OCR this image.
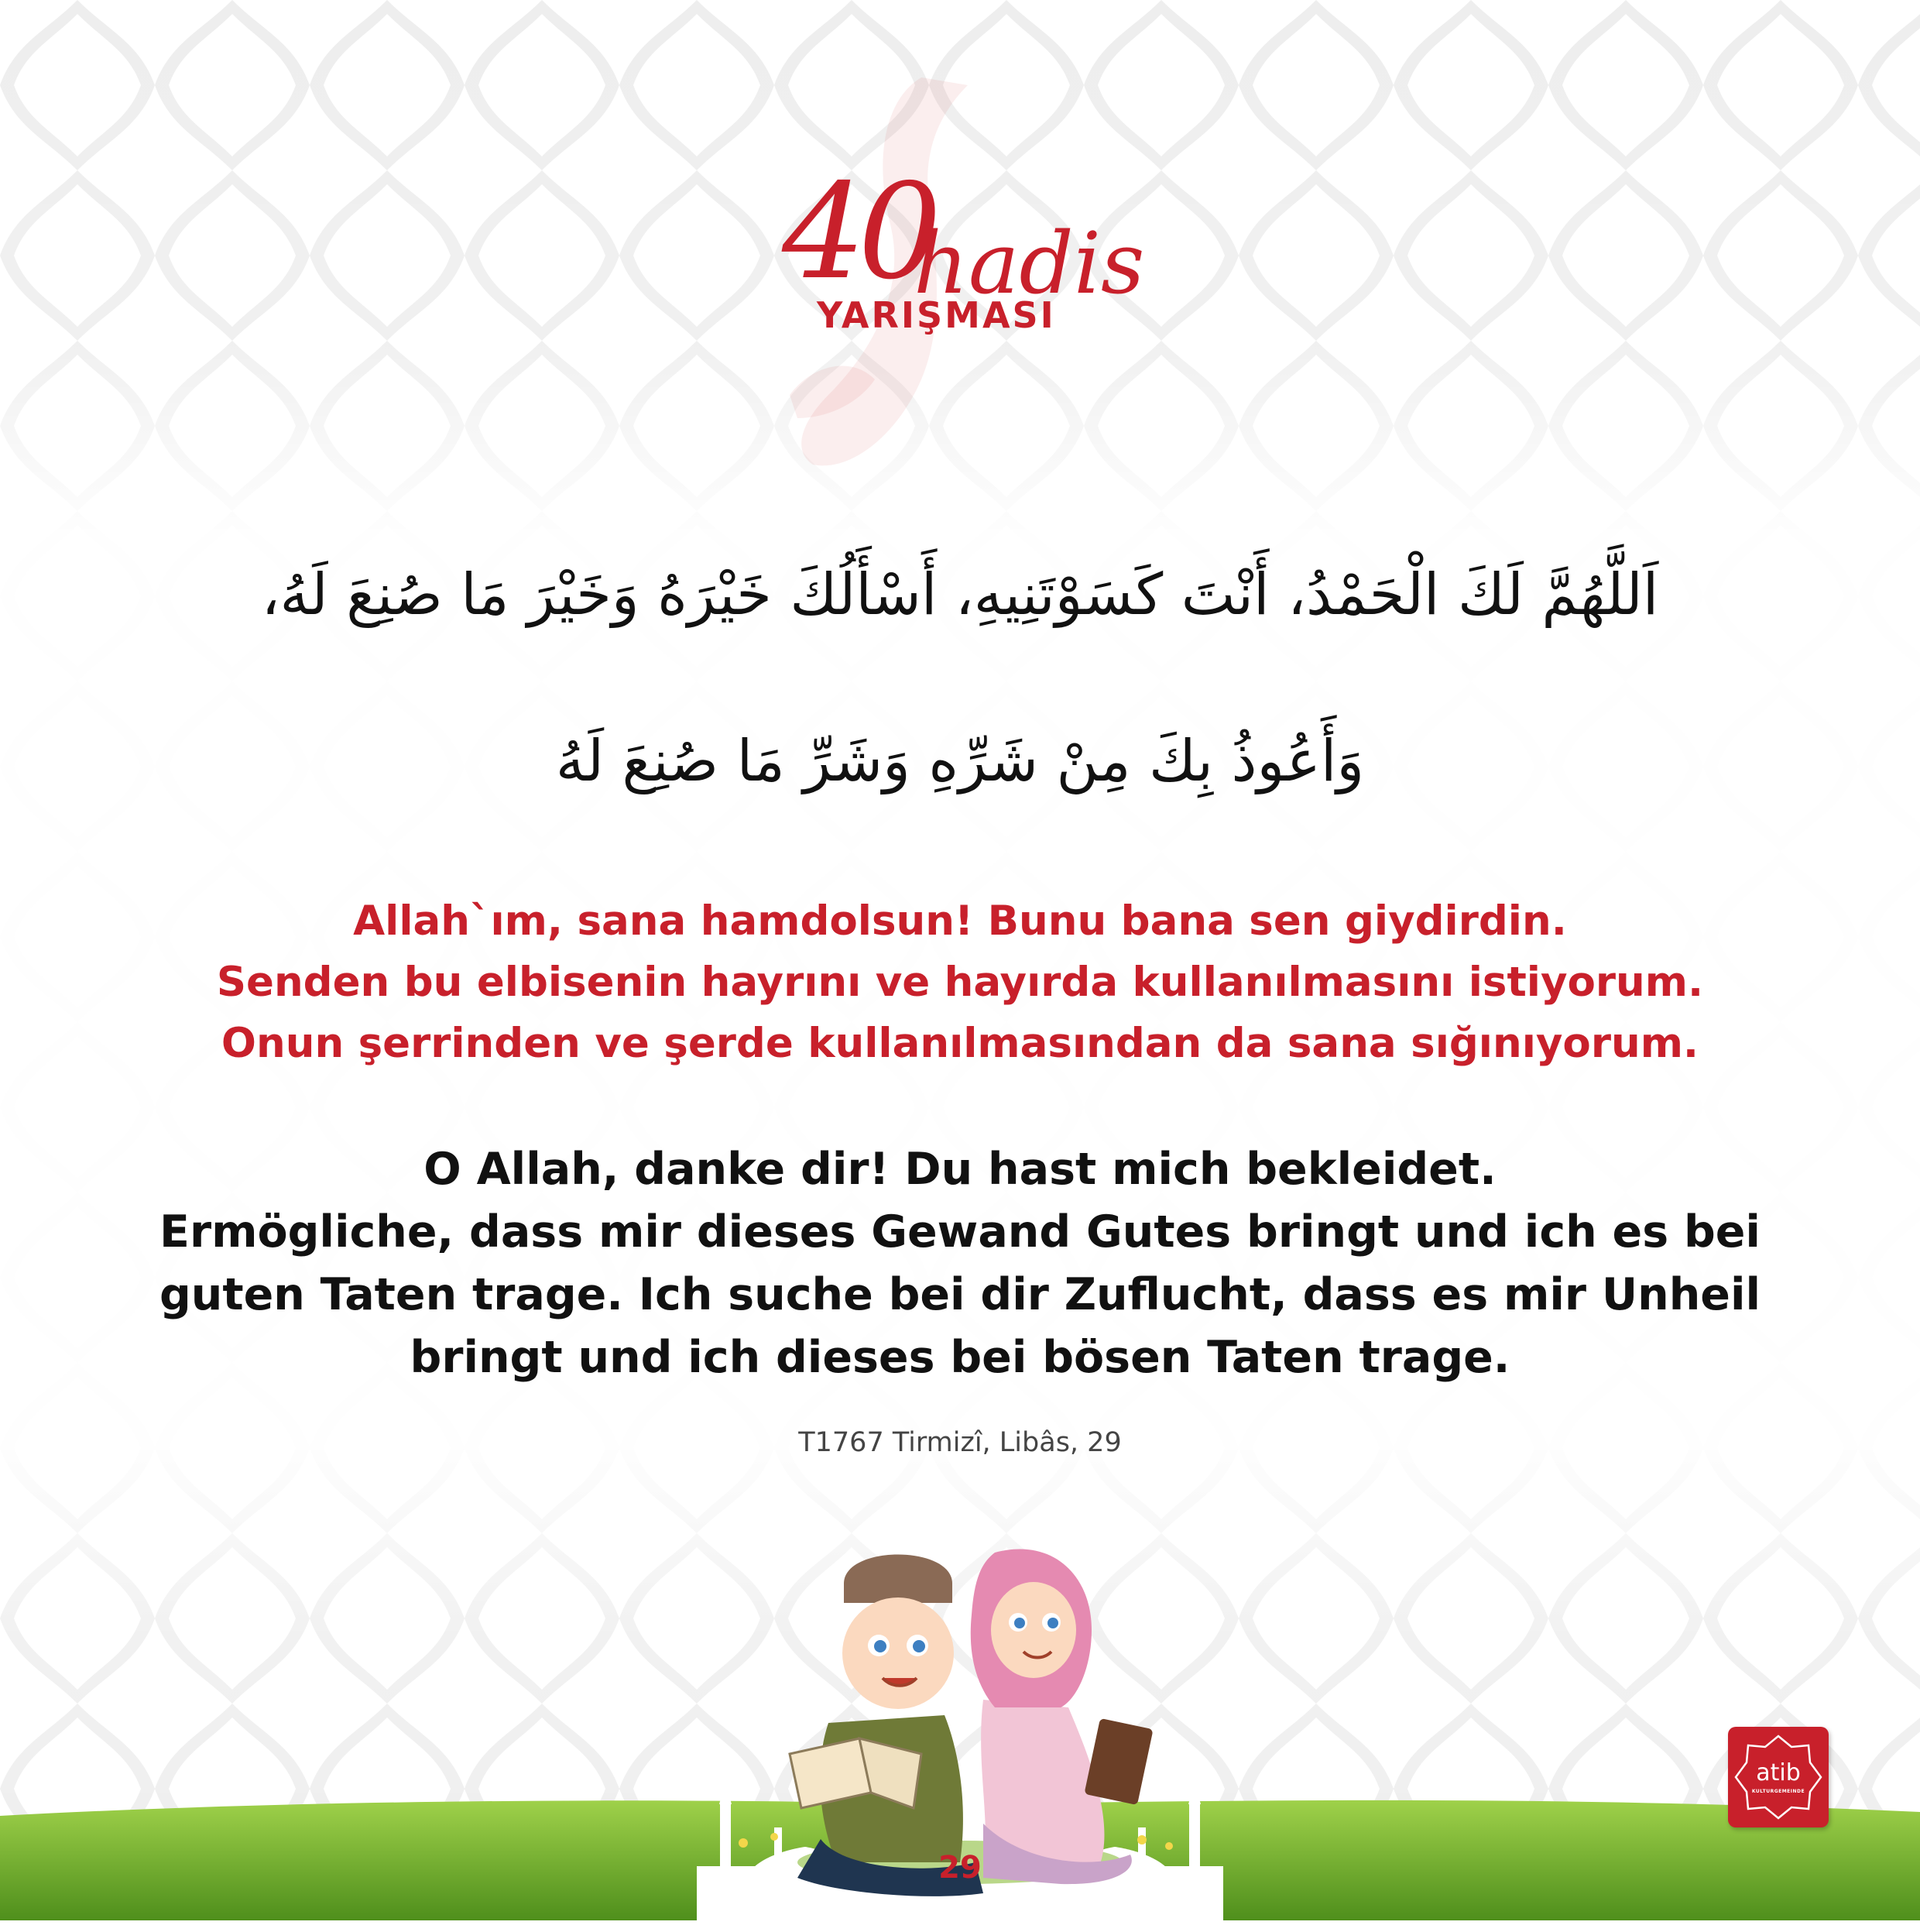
40
hadis
YARIŞMASI
اَللَّهُمَّ لَكَ الْحَمْدُ، أَنْتَ كَسَوْتَنِيهِ، أَسْأَلُكَ خَيْرَهُ وَخَيْرَ مَا صُنِعَ لَهُ،
وَأَعُوذُ بِكَ مِنْ شَرِّهِ وَشَرِّ مَا صُنِعَ لَهُ
Allah`ım, sana hamdolsun! Bunu bana sen giydirdin.
Senden bu elbisenin hayrını ve hayırda kullanılmasını istiyorum.
Onun şerrinden ve şerde kullanılmasından da sana sığınıyorum.
O Allah, danke dir! Du hast mich bekleidet.
Ermögliche, dass mir dieses Gewand Gutes bringt und ich es bei
guten Taten trage. Ich suche bei dir Zuflucht, dass es mir Unheil
bringt und ich dieses bei bösen Taten trage.
T1767 Tirmizî, Libâs, 29
29
atib
KULTURGEMEINDE
